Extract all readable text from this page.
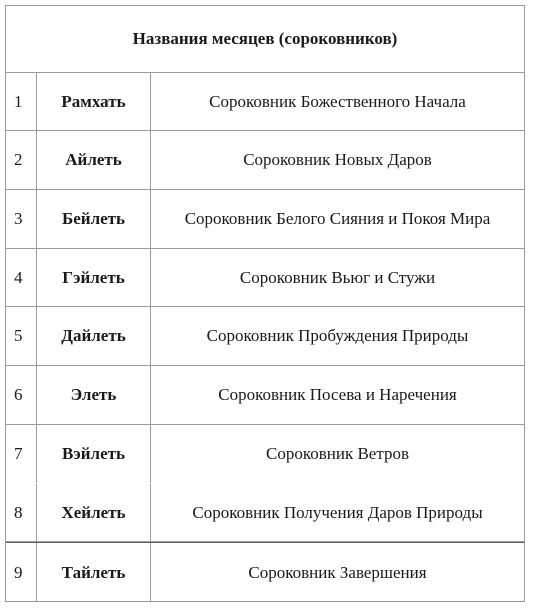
Названия месяцев (сороковников)
1	Рамхать	Сороковник Божественного Начала
2	Айлеть	Сороковник Новых Даров
3	Бейлеть	Сороковник Белого Сияния и Покоя Мира
4	Гэйлеть	Сороковник Вьюг и Стужи
5	Дайлеть	Сороковник Пробуждения Природы
6	Элеть	Сороковник Посева и Наречения
7	Вэйлеть	Сороковник Ветров
8	Хейлеть	Сороковник Получения Даров Природы
9	Тайлеть	Сороковник Завершения
